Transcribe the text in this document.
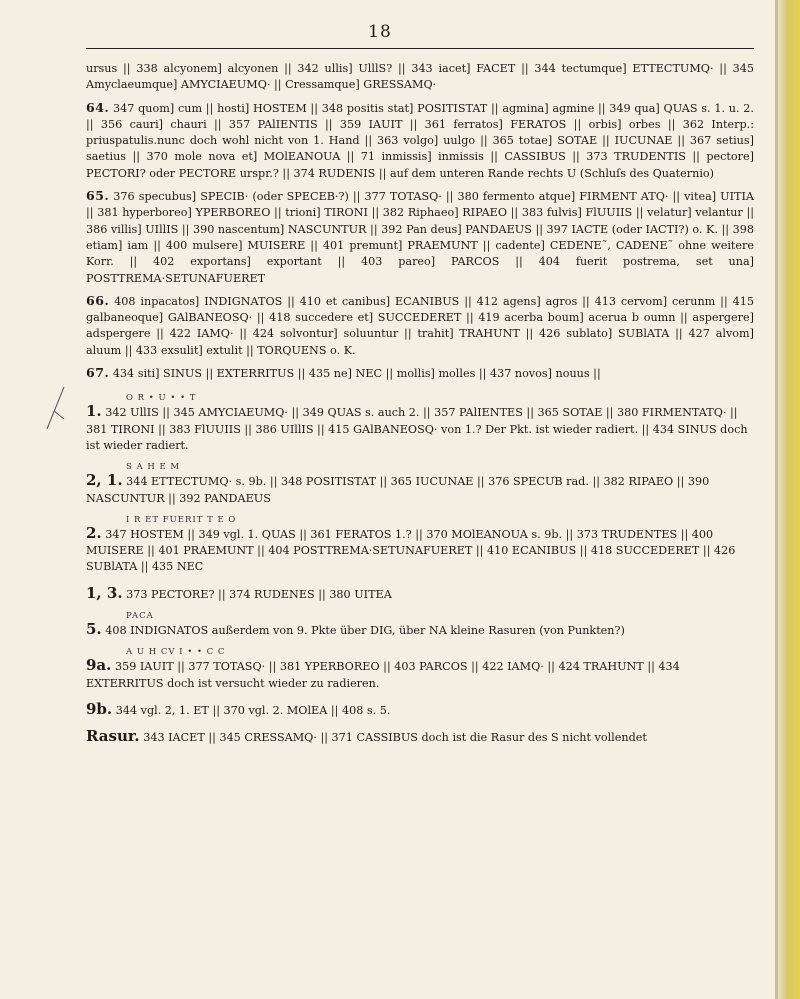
18

ursus || 338 alcyonem] alcyonen || 342 ullis] UlllS? || 343 iacet] FACET || 344 tectumque] ETTECTUMQ· || 345 Amyclaeumque] AMYCIAEUMQ· || Cressamque] GRESSAMQ·

64. 347 quom] cum || hosti] HOSTEM || 348 positis stat] POSITISTAT || agmina] agmine || 349 qua] QUAS s. 1. u. 2. || 356 cauri] chauri || 357 PAlIENTIS || 359 IAUIT || 361 ferratos] FERATOS || orbis] orbes || 362 Interp.: priuspatulis.nunc doch wohl nicht von 1. Hand || 363 volgo] uulgo || 365 totae] SOTAE || IUCUNAE || 367 setius] saetius || 370 mole nova et] MOlEANOUA || 71 inmissis] inmissis || CASSIBUS || 373 TRUDENTIS || pectore] PECTORI? oder PECTORE urspr.? || 374 RUDENIS || auf dem unteren Rande rechts U (Schluſs des Quaternio)

65. 376 specubus] SPECIB· (oder SPECEB·?) || 377 TOTASQ· || 380 fermento atque] FIRMENT ATQ· || vitea] UITIA || 381 hyperboreo] YPERBOREO || trioni] TIRONI || 382 Riphaeo] RIPAEO || 383 fulvis] FlUUIIS || velatur] velantur || 386 villis] UIllIS || 390 nascentum] NASCUNTUR || 392 Pan deus] PANDAEUS || 397 IACTE (oder IACTI?) o. K. || 398 etiam] iam || 400 mulsere] MUISERE || 401 premunt] PRAEMUNT || cadente] CEDENE˜, CADENE˜ ohne weitere Korr. || 402 exportans] exportant || 403 pareo] PARCOS || 404 fuerit postrema, set una] POSTTREMA·SETUNAFUERET

66. 408 inpacatos] INDIGNATOS || 410 et canibus] ECANIBUS || 412 agens] agros || 413 cervom] cerunm || 415 galbaneoque] GAlBANEOSQ· || 418 succedere et] SUCCEDERET || 419 acerba boum] acerua b oumn || aspergere] adspergere || 422 IAMQ· || 424 solvontur] soluuntur || trahit] TRAHUNT || 426 sublato] SUBlATA || 427 alvom] aluum || 433 exsulit] extulit || TORQUENS o. K.

67. 434 siti] SINUS || EXTERRITUS || 435 ne] NEC || mollis] molles || 437 novos] nouus ||

O R • U • • T
1. 342 UllIS || 345 AMYCIAEUMQ· || 349 QUAS s. auch 2. || 357 PAlIENTES || 365 SOTAE || 380 FIRMENTATQ· || 381 TIRONI || 383 FlUUIIS || 386 UIllIS || 415 GAlBANEOSQ· von 1.? Der Pkt. ist wieder radiert. || 434 SINUS doch ist wieder radiert.
S A H E M
2, 1. 344 ETTECTUMQ· s. 9b. || 348 POSITISTAT || 365 IUCUNAE || 376 SPECUB rad. || 382 RIPAEO || 390 NASCUNTUR || 392 PANDAEUS
I R ET FUERIT T E O
2. 347 HOSTEM || 349 vgl. 1. QUAS || 361 FERATOS 1.? || 370 MOlEANOUA s. 9b. || 373 TRUDENTES || 400 MUISERE || 401 PRAEMUNT || 404 POSTTREMA·SETUNAFUERET || 410 ECANIBUS || 418 SUCCEDERET || 426 SUBlATA || 435 NEC
1, 3. 373 PECTORE? || 374 RUDENES || 380 UITEA
PACA
5. 408 INDIGNATOS außerdem von 9. Pkte über DIG, über NA kleine Rasuren (von Punkten?)
A U H CV I • • C C
9a. 359 IAUIT || 377 TOTASQ· || 381 YPERBOREO || 403 PARCOS || 422 IAMQ· || 424 TRAHUNT || 434 EXTERRITUS doch ist versucht wieder zu radieren.
9b. 344 vgl. 2, 1. ET || 370 vgl. 2. MOlEA || 408 s. 5.
Rasur. 343 IACET || 345 CRESSAMQ· || 371 CASSIBUS doch ist die Rasur des S nicht vollendet
